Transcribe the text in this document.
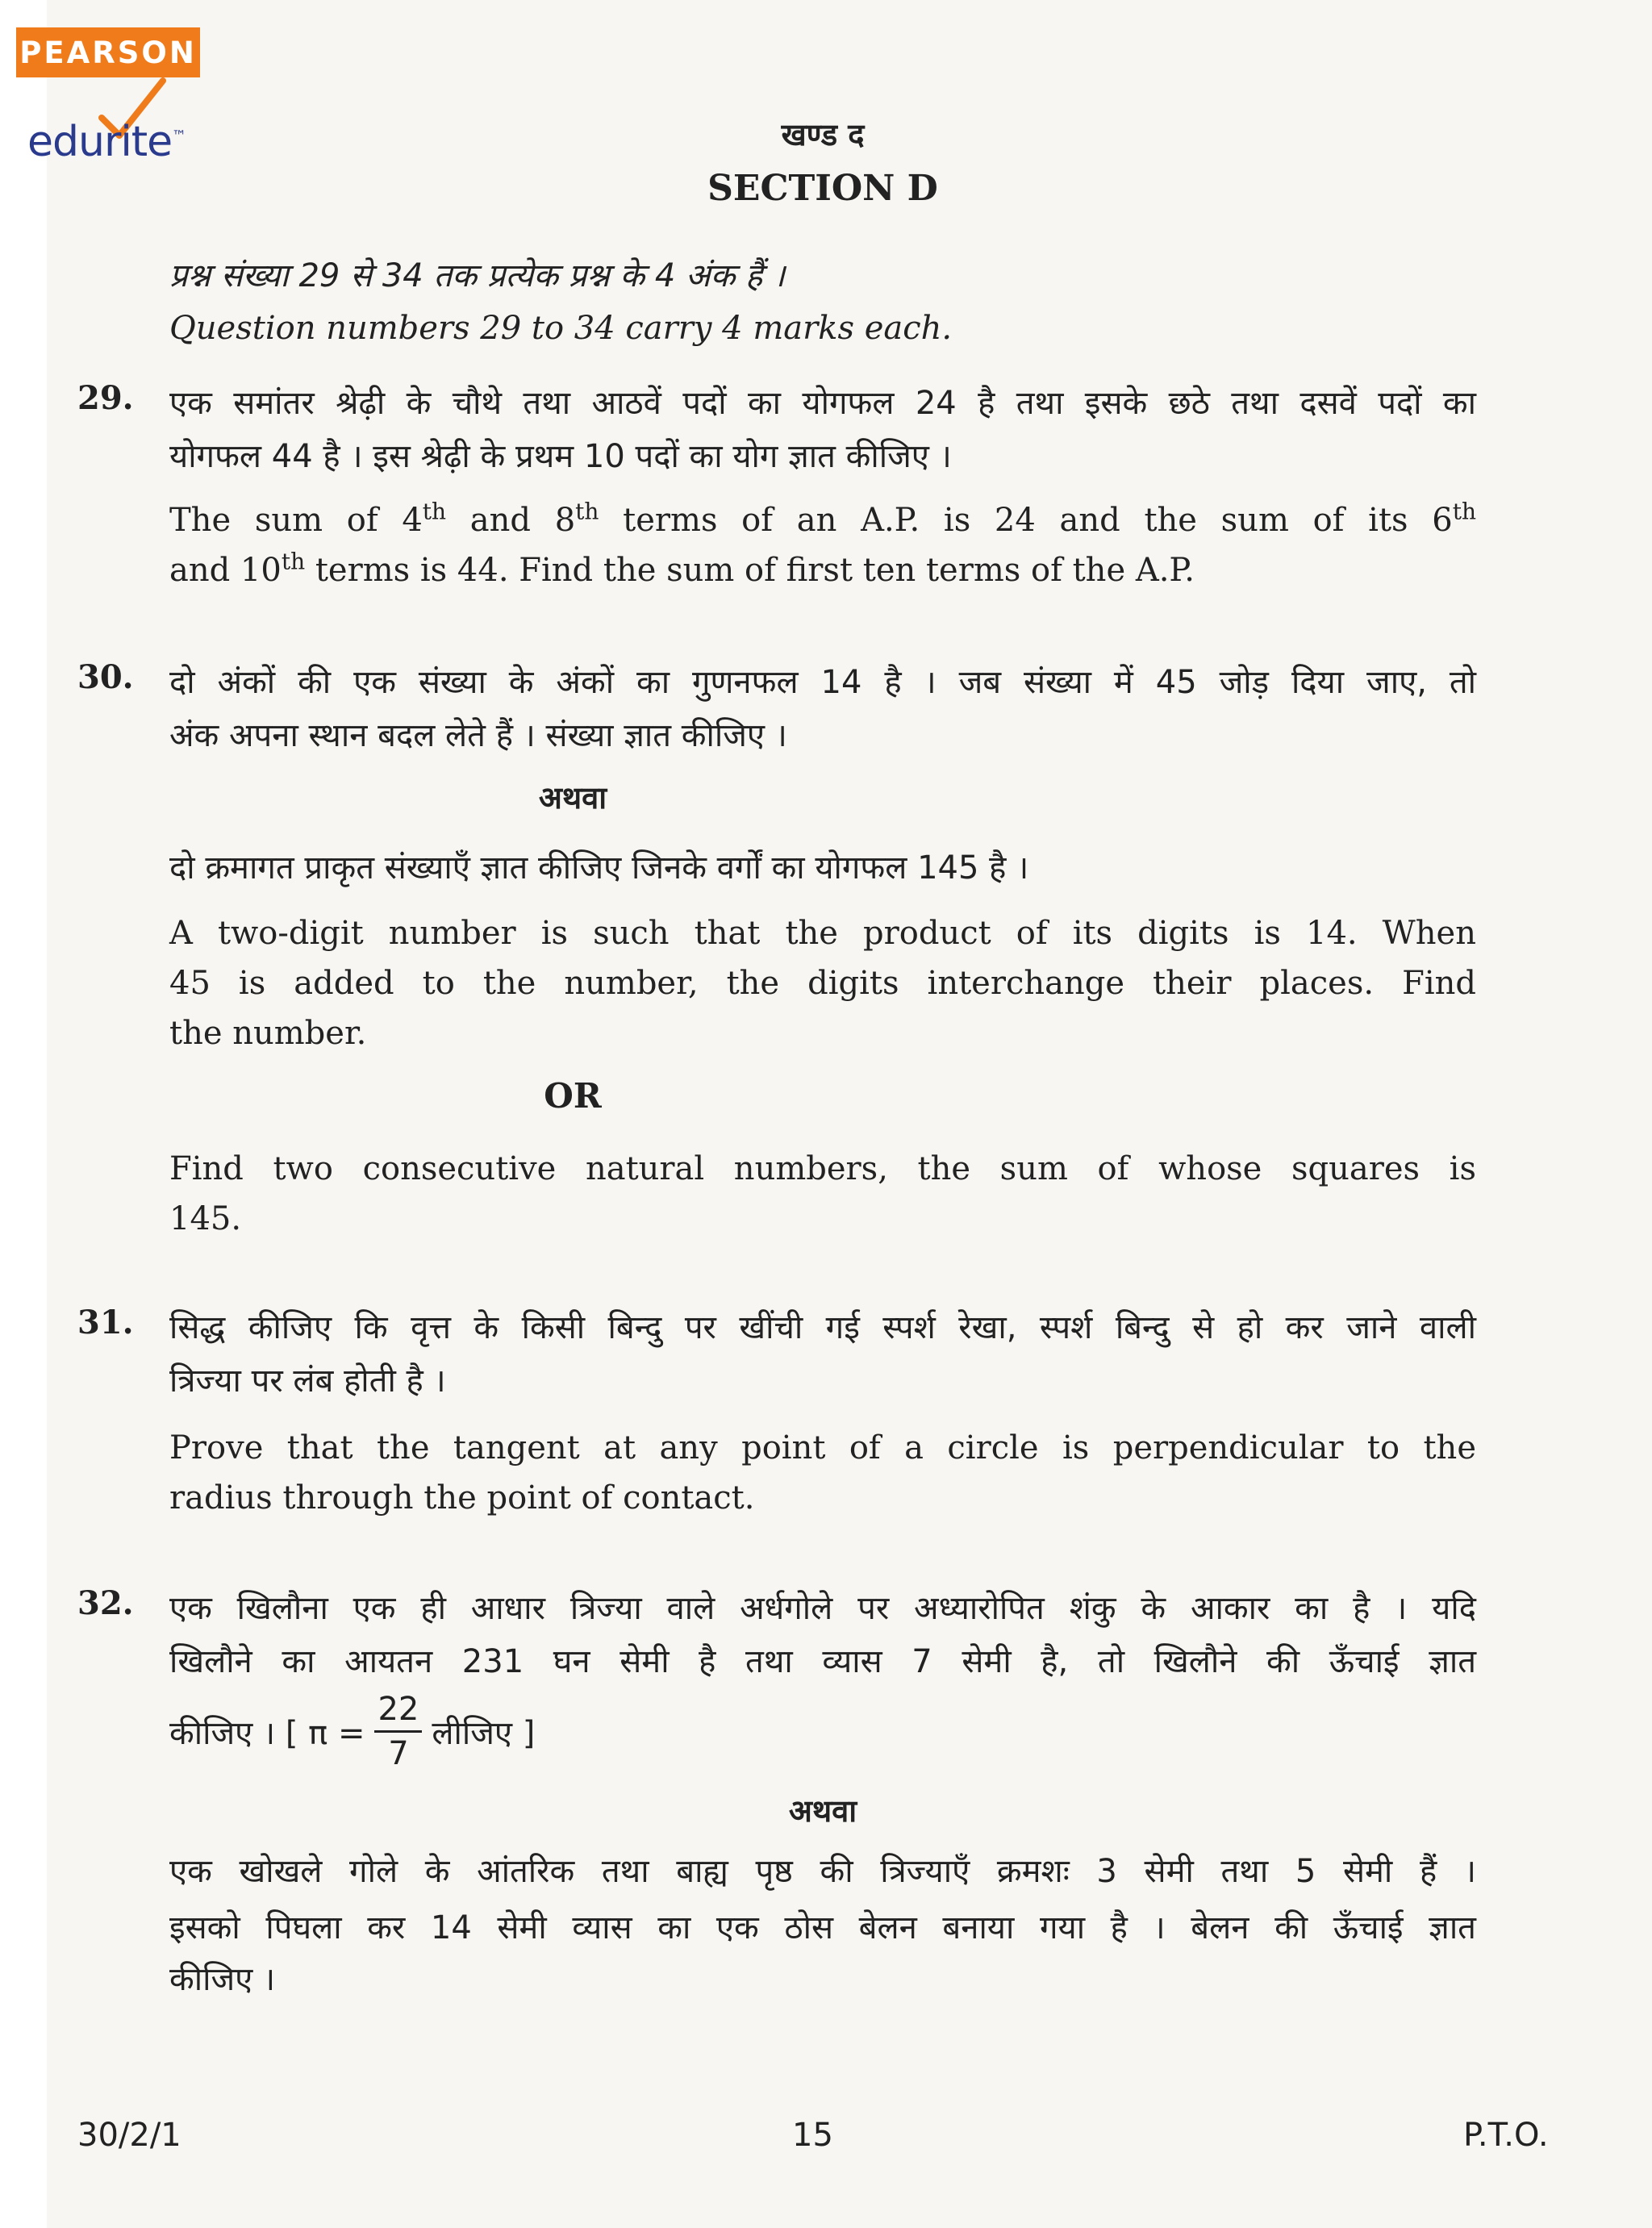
PEARSON
edurite™	खण्ड द
SECTION D
प्रश्न संख्या 29 से 34 तक प्रत्येक प्रश्न के 4 अंक हैं ।
Question numbers 29 to 34 carry 4 marks each.
29. एक समांतर श्रेढ़ी के चौथे तथा आठवें पदों का योगफल 24 है तथा इसके छठे तथा दसवें पदों का
योगफल 44 है । इस श्रेढ़ी के प्रथम 10 पदों का योग ज्ञात कीजिए ।
The sum of 4th and 8th terms of an A.P. is 24 and the sum of its 6th
and 10th terms is 44. Find the sum of first ten terms of the A.P.
30. दो अंकों की एक संख्या के अंकों का गुणनफल 14 है । जब संख्या में 45 जोड़ दिया जाए, तो
अंक अपना स्थान बदल लेते हैं । संख्या ज्ञात कीजिए ।
अथवा
दो क्रमागत प्राकृत संख्याएँ ज्ञात कीजिए जिनके वर्गों का योगफल 145 है ।
A two-digit number is such that the product of its digits is 14. When
45 is added to the number, the digits interchange their places. Find
the number.
OR
Find two consecutive natural numbers, the sum of whose squares is
145.
31. सिद्ध कीजिए कि वृत्त के किसी बिन्दु पर खींची गई स्पर्श रेखा, स्पर्श बिन्दु से हो कर जाने वाली
त्रिज्या पर लंब होती है ।
Prove that the tangent at any point of a circle is perpendicular to the
radius through the point of contact.
32. एक खिलौना एक ही आधार त्रिज्या वाले अर्धगोले पर अध्यारोपित शंकु के आकार का है । यदि
खिलौने का आयतन 231 घन सेमी है तथा व्यास 7 सेमी है, तो खिलौने की ऊँचाई ज्ञात
कीजिए । [ $\pi = \frac{22}{7}$ लीजिए ]
अथवा
एक खोखले गोले के आंतरिक तथा बाह्य पृष्ठ की त्रिज्याएँ क्रमशः 3 सेमी तथा 5 सेमी हैं ।
इसको पिघला कर 14 सेमी व्यास का एक ठोस बेलन बनाया गया है । बेलन की ऊँचाई ज्ञात
कीजिए ।
30/2/1	15	P.T.O.
